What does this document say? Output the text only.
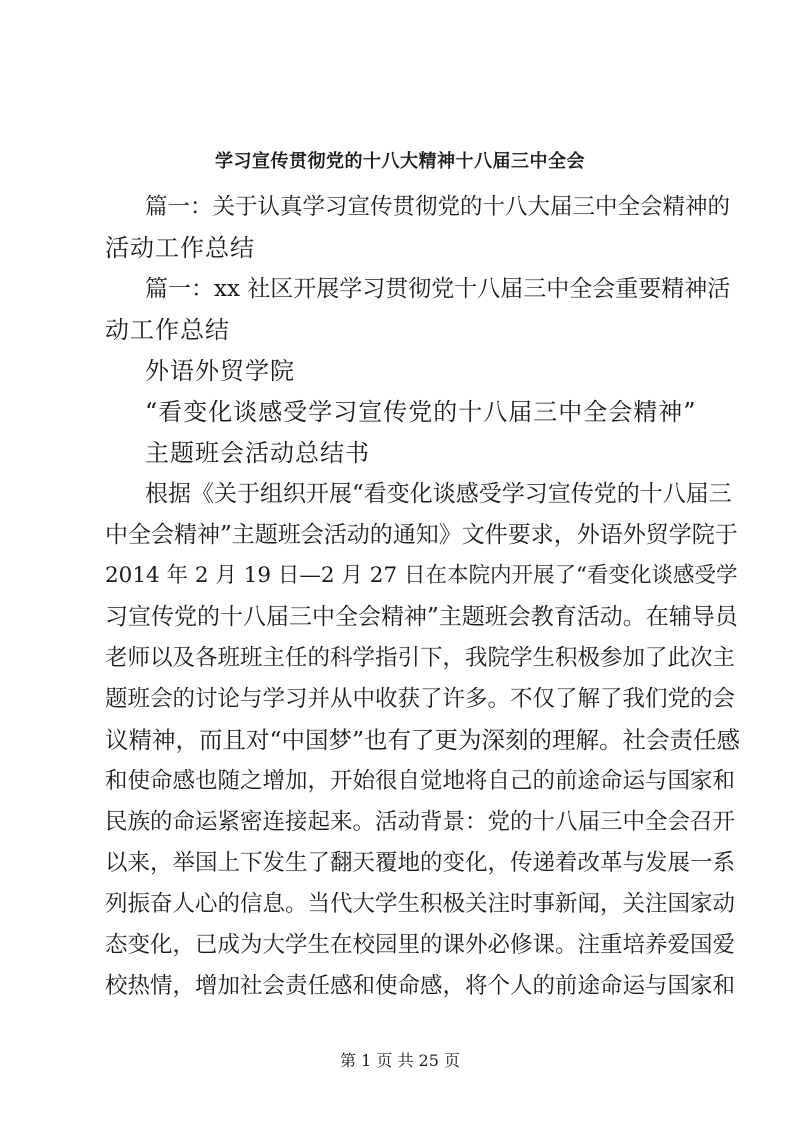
学习宣传贯彻党的十八大精神十八届三中全会
篇一：关于认真学习宣传贯彻党的十八大届三中全会精神的
活动工作总结
篇一：xx 社区开展学习贯彻党十八届三中全会重要精神活
动工作总结
外语外贸学院
“看变化谈感受学习宣传党的十八届三中全会精神”
主题班会活动总结书
根据《关于组织开展“看变化谈感受学习宣传党的十八届三
中全会精神”主题班会活动的通知》文件要求，外语外贸学院于
2014 年 2 月 19 日—2 月 27 日在本院内开展了“看变化谈感受学
习宣传党的十八届三中全会精神”主题班会教育活动。在辅导员
老师以及各班班主任的科学指引下，我院学生积极参加了此次主
题班会的讨论与学习并从中收获了许多。不仅了解了我们党的会
议精神，而且对“中国梦”也有了更为深刻的理解。社会责任感
和使命感也随之增加，开始很自觉地将自己的前途命运与国家和
民族的命运紧密连接起来。活动背景：党的十八届三中全会召开
以来，举国上下发生了翻天覆地的变化，传递着改革与发展一系
列振奋人心的信息。当代大学生积极关注时事新闻，关注国家动
态变化，已成为大学生在校园里的课外必修课。注重培养爱国爱
校热情，增加社会责任感和使命感，将个人的前途命运与国家和
第 1 页 共 25 页
